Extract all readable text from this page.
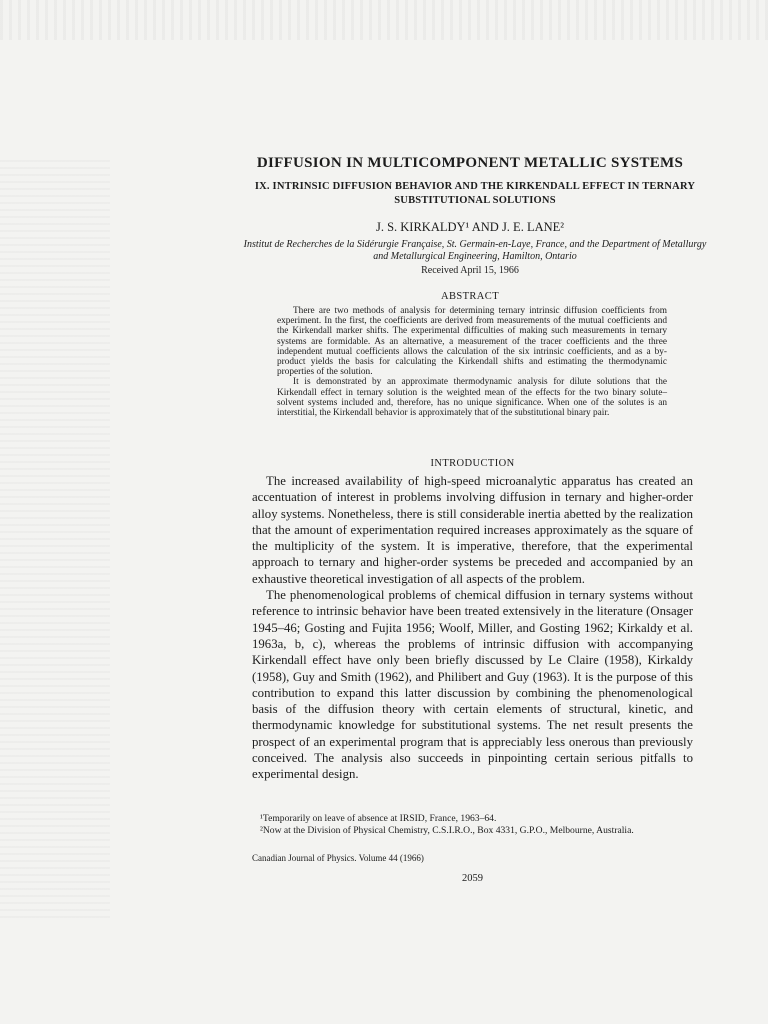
DIFFUSION IN MULTICOMPONENT METALLIC SYSTEMS
IX. INTRINSIC DIFFUSION BEHAVIOR AND THE KIRKENDALL EFFECT IN TERNARY SUBSTITUTIONAL SOLUTIONS
J. S. KIRKALDY¹ AND J. E. LANE²
Institut de Recherches de la Sidérurgie Française, St. Germain-en-Laye, France, and the Department of Metallurgy and Metallurgical Engineering, Hamilton, Ontario
Received April 15, 1966
ABSTRACT

There are two methods of analysis for determining ternary intrinsic diffusion coefficients from experiment. In the first, the coefficients are derived from measurements of the mutual coefficients and the Kirkendall marker shifts. The experimental difficulties of making such measurements in ternary systems are formidable. As an alternative, a measurement of the tracer coefficients and the three independent mutual coefficients allows the calculation of the six intrinsic coefficients, and as a by-product yields the basis for calculating the Kirkendall shifts and estimating the thermodynamic properties of the solution.

It is demonstrated by an approximate thermodynamic analysis for dilute solutions that the Kirkendall effect in ternary solution is the weighted mean of the effects for the two binary solute–solvent systems included and, therefore, has no unique significance. When one of the solutes is an interstitial, the Kirkendall behavior is approximately that of the substitutional binary pair.

INTRODUCTION

The increased availability of high-speed microanalytic apparatus has created an accentuation of interest in problems involving diffusion in ternary and higher-order alloy systems. Nonetheless, there is still considerable inertia abetted by the realization that the amount of experimentation required increases approximately as the square of the multiplicity of the system. It is imperative, therefore, that the experimental approach to ternary and higher-order systems be preceded and accompanied by an exhaustive theoretical investigation of all aspects of the problem.

The phenomenological problems of chemical diffusion in ternary systems without reference to intrinsic behavior have been treated extensively in the literature (Onsager 1945–46; Gosting and Fujita 1956; Woolf, Miller, and Gosting 1962; Kirkaldy et al. 1963a, b, c), whereas the problems of intrinsic diffusion with accompanying Kirkendall effect have only been briefly discussed by Le Claire (1958), Kirkaldy (1958), Guy and Smith (1962), and Philibert and Guy (1963). It is the purpose of this contribution to expand this latter discussion by combining the phenomenological basis of the diffusion theory with certain elements of structural, kinetic, and thermodynamic knowledge for substitutional systems. The net result presents the prospect of an experimental program that is appreciably less onerous than previously conceived. The analysis also succeeds in pinpointing certain serious pitfalls to experimental design.

¹Temporarily on leave of absence at IRSID, France, 1963–64.

²Now at the Division of Physical Chemistry, C.S.I.R.O., Box 4331, G.P.O., Melbourne, Australia.

Canadian Journal of Physics. Volume 44 (1966)
2059
